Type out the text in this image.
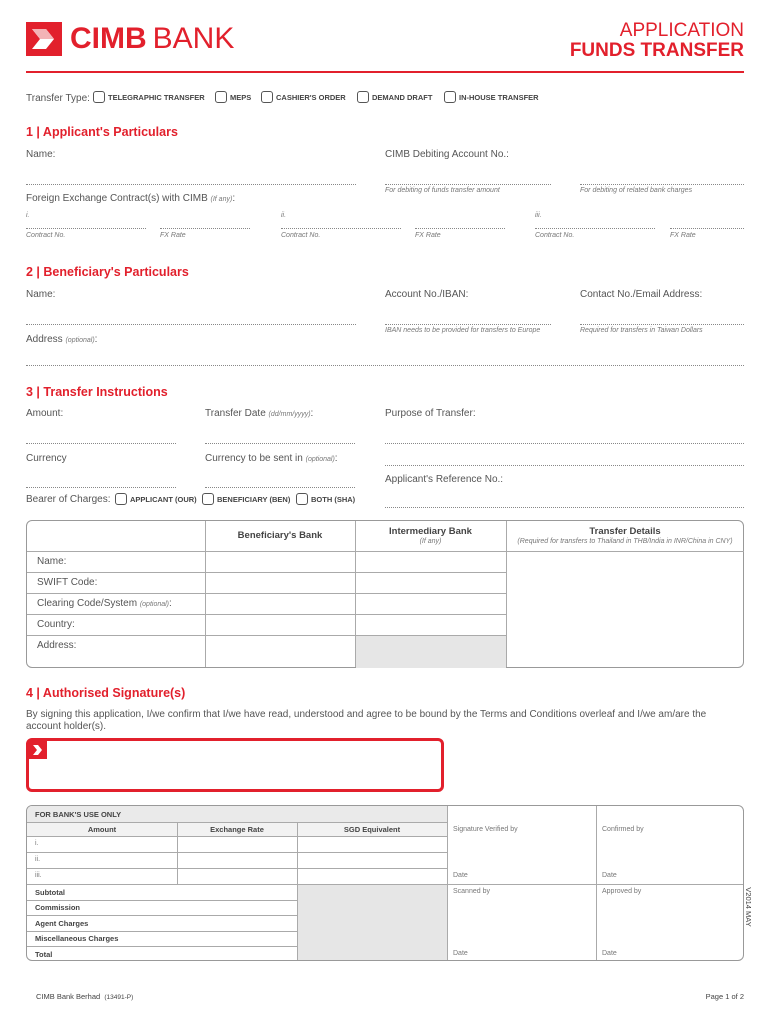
CIMB BANK	APPLICATION
FUNDS TRANSFER
Transfer Type: TELEGRAPHIC TRANSFER	MEPS	CASHIER'S ORDER	DEMAND DRAFT	IN-HOUSE TRANSFER
1 | Applicant's Particulars
Name:	CIMB Debiting Account No.:
For debiting of funds transfer amount	For debiting of related bank charges
Foreign Exchange Contract(s) with CIMB (If any):
i.	ii.	iii.
Contract No.	FX Rate	Contract No.	FX Rate	Contract No.	FX Rate
2 | Beneficiary's Particulars
Name:	Account No./IBAN:	Contact No./Email Address:
IBAN needs to be provided for transfers to Europe	Required for transfers in Taiwan Dollars
Address (optional):
3 | Transfer Instructions
Amount:	Transfer Date (dd/mm/yyyy):	Purpose of Transfer:
Currency	Currency to be sent in (optional):
Applicant's Reference No.:
Bearer of Charges:	APPLICANT (OUR)	BENEFICIARY (BEN)	BOTH (SHA)
Beneficiary's Bank	Intermediary Bank
(If any)
Transfer Details
(Required for transfers to Thailand in THB/India in INR/China in CNY)
Name:
SWIFT Code:
Clearing Code/System (optional):
Country:
Address:
4 | Authorised Signature(s)
By signing this application, I/we confirm that I/we have read, understood and agree to be bound by the Terms and Conditions overleaf and I/we am/are the account holder(s).
FOR BANK'S USE ONLY
Amount	Exchange Rate	SGD Equivalent
i.
ii.
iii.
Subtotal
Commission
Agent Charges
Miscellaneous Charges
Total
Signature Verified by	Confirmed by
Date	Date
Scanned by	Approved by
Date	Date
V2014 MAY
CIMB Bank Berhad (13491-P)	Page 1 of 2
